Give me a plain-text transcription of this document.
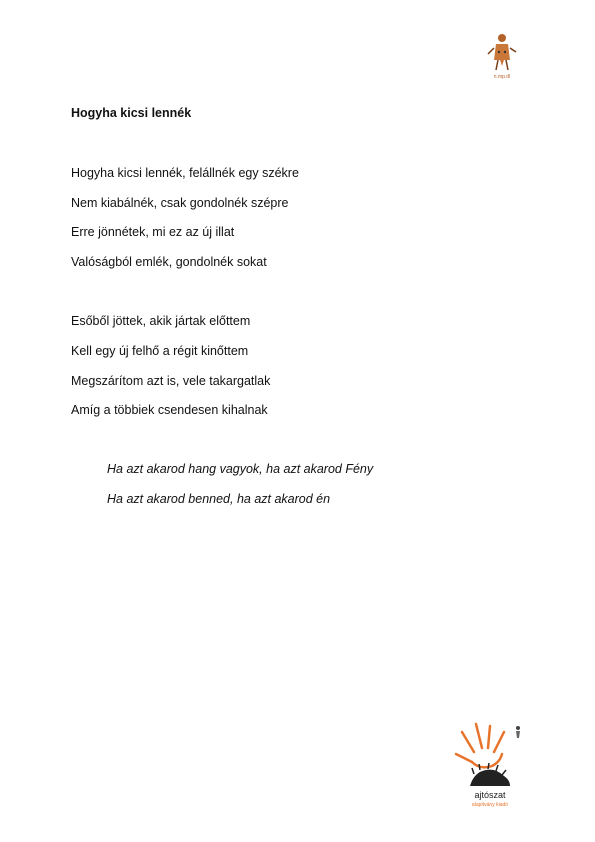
n.mp.dl
Hogyha kicsi lennék

Hogyha kicsi lennék, felállnék egy székre

Nem kiabálnék, csak gondolnék szépre

Erre jönnétek, mi ez az új illat

Valóságból emlék, gondolnék sokat

Esőből jöttek, akik jártak előttem

Kell egy új felhő a régit kinőttem

Megszárítom azt is, vele takargatlak

Amíg a többiek csendesen kihalnak

Ha azt akarod hang vagyok, ha azt akarod Fény

Ha azt akarod benned, ha azt akarod én

ajtószat
alapítvány kiadó
